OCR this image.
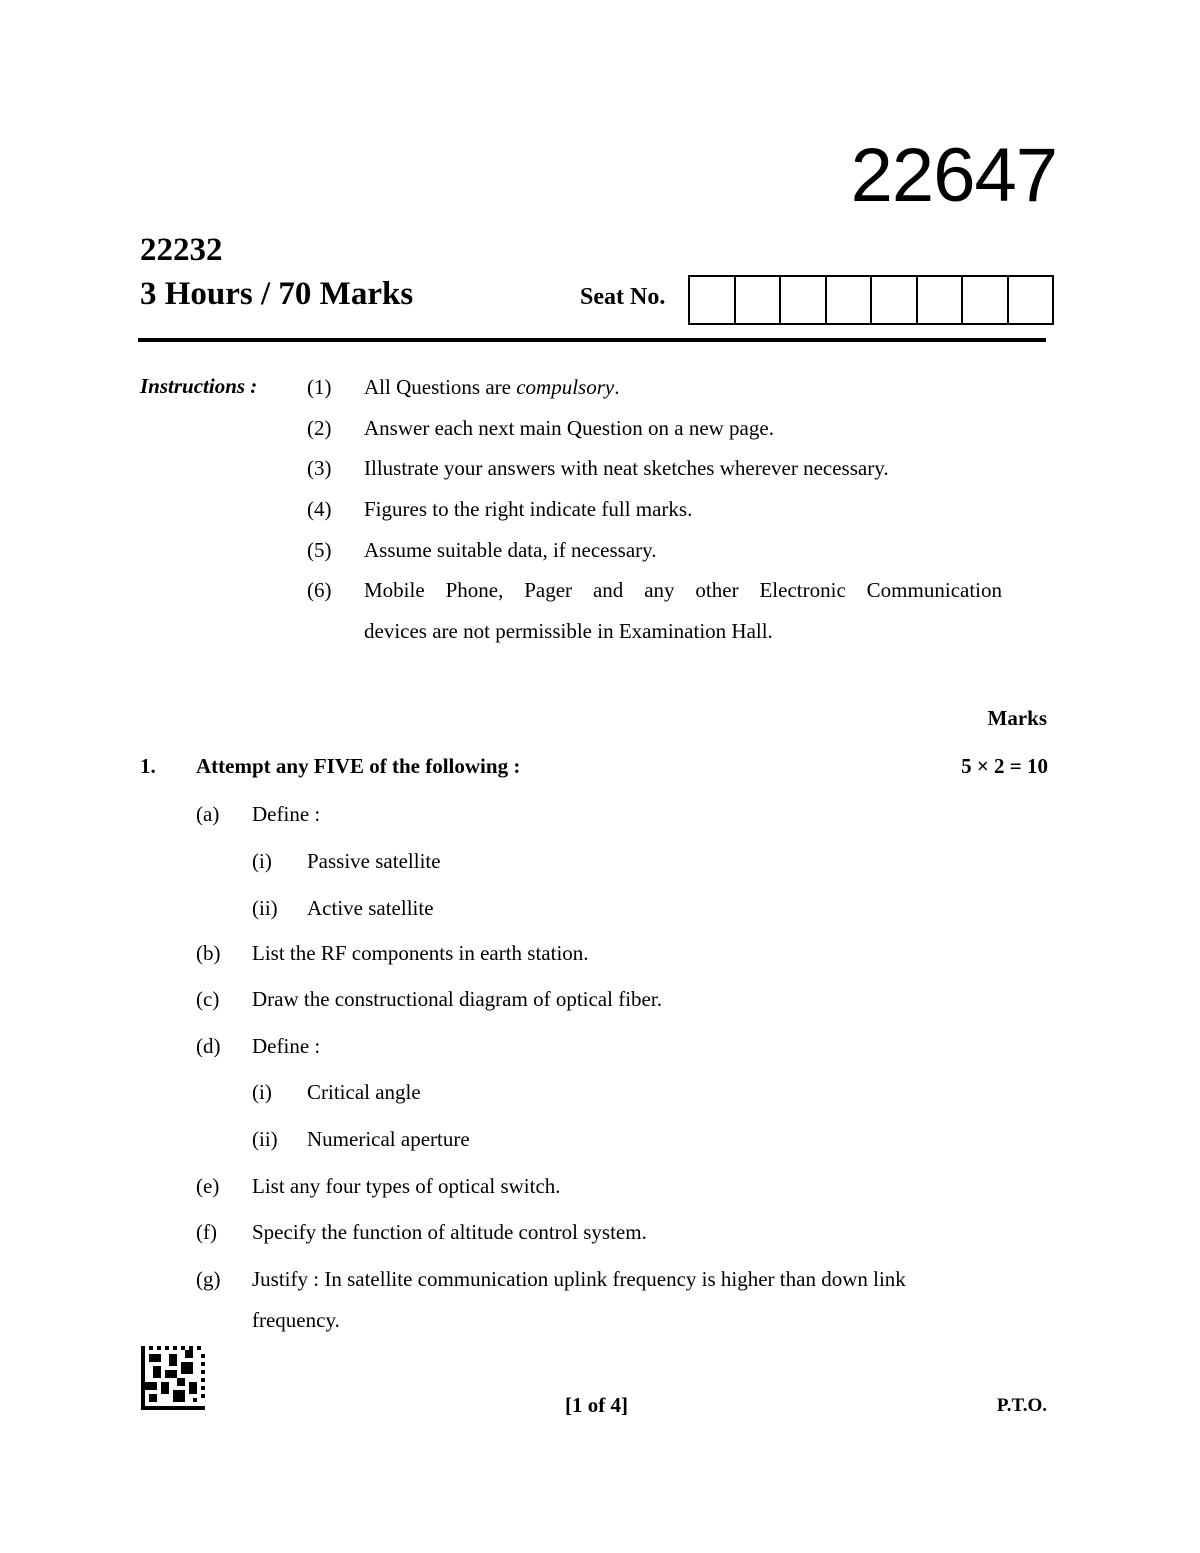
22647
22232
3 Hours / 70 Marks	Seat No.
Instructions : (1) All Questions are compulsory.
(2) Answer each next main Question on a new page.
(3) Illustrate your answers with neat sketches wherever necessary.
(4) Figures to the right indicate full marks.
(5) Assume suitable data, if necessary.
(6) Mobile Phone, Pager and any other Electronic Communication
devices are not permissible in Examination Hall.
Marks
1. Attempt any FIVE of the following :	5 × 2 = 10
(a) Define :
(i) Passive satellite
(ii) Active satellite
(b) List the RF components in earth station.
(c) Draw the constructional diagram of optical fiber.
(d) Define :
(i) Critical angle
(ii) Numerical aperture
(e) List any four types of optical switch.
(f) Specify the function of altitude control system.
(g) Justify : In satellite communication uplink frequency is higher than down link
frequency.
[1 of 4]	P.T.O.
